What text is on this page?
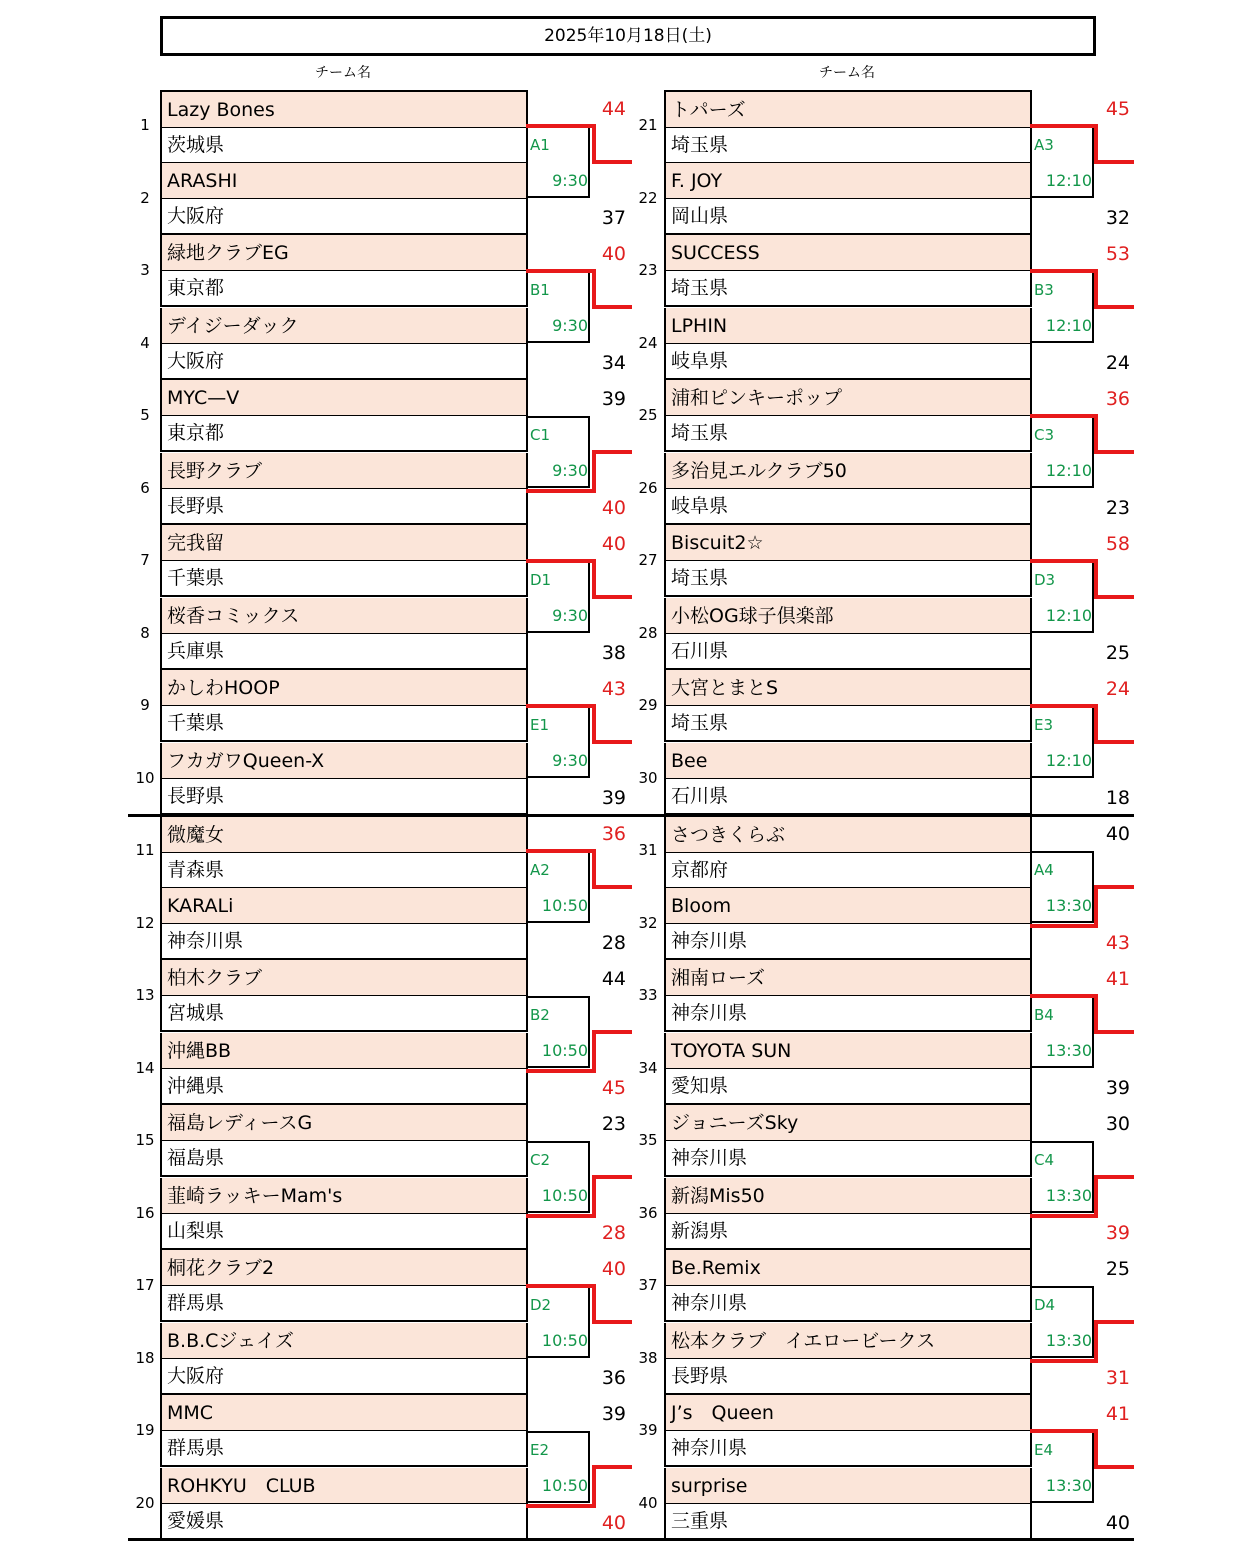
2025年10月18日(土)
チーム名	チーム名
Lazy Bones
茨城県
1
ARASHI
大阪府
2
緑地クラブEG
東京都
3
デイジーダック
大阪府
4
MYC—V
東京都
5
長野クラブ
長野県
6
完我留
千葉県
7
桜香コミックス
兵庫県
8
かしわHOOP
千葉県
9
フカガワQueen-X
長野県
10
微魔女
青森県
11
KARALi
神奈川県
12
柏木クラブ
宮城県
13
沖縄BB
沖縄県
14
福島レディースG
福島県
15
韮崎ラッキーMam's
山梨県
16
桐花クラブ2
群馬県
17
B.B.Cジェイズ
大阪府
18
MMC
群馬県
19
ROHKYU　CLUB
愛媛県
20
A1
9:30
44
37
B1
9:30
40
34
C1
9:30
39
40
D1
9:30
40
38
E1
9:30
43
39
A2
10:50
36
28
B2
10:50
44
45
C2
10:50
23
28
D2
10:50
40
36
E2
10:50
39
40
トパーズ
埼玉県
21
F. JOY
岡山県
22
SUCCESS
埼玉県
23
LPHIN
岐阜県
24
浦和ピンキーポップ
埼玉県
25
多治見エルクラブ50
岐阜県
26
Biscuit2☆
埼玉県
27
小松OG球子倶楽部
石川県
28
大宮とまとS
埼玉県
29
Bee
石川県
30
さつきくらぶ
京都府
31
Bloom
神奈川県
32
湘南ローズ
神奈川県
33
TOYOTA SUN
愛知県
34
ジョニーズSky
神奈川県
35
新潟Mis50
新潟県
36
Be.Remix
神奈川県
37
松本クラブ　イエロービークス
長野県
38
J’s　Queen
神奈川県
39
surprise
三重県
40
A3
12:10
45
32
B3
12:10
53
24
C3
12:10
36
23
D3
12:10
58
25
E3
12:10
24
18
A4
13:30
40
43
B4
13:30
41
39
C4
13:30
30
39
D4
13:30
25
31
E4
13:30
41
40
